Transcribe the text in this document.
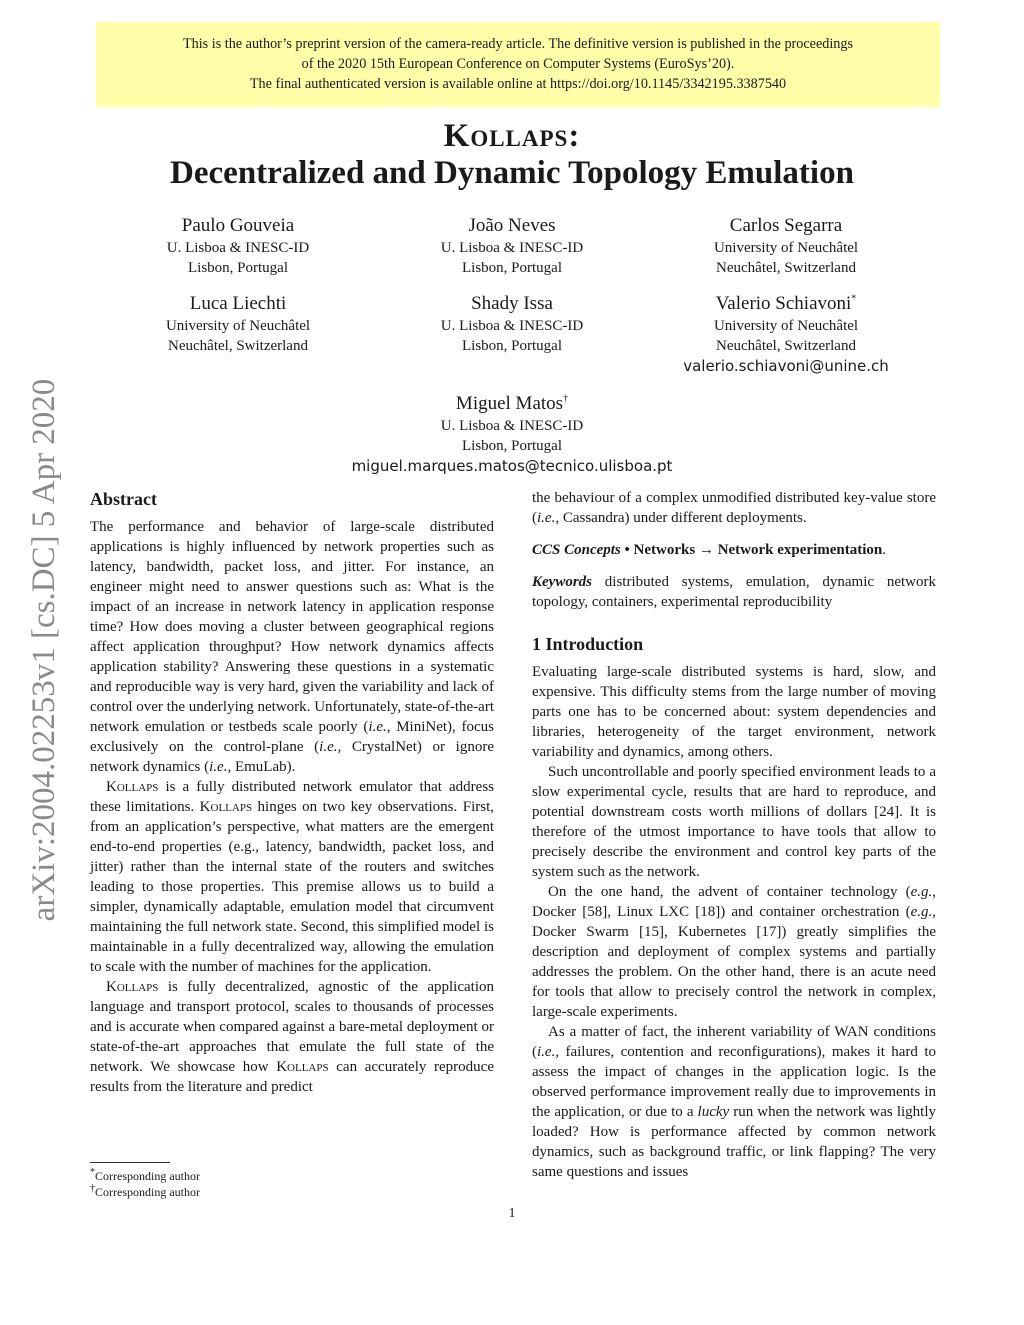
This is the author’s preprint version of the camera-ready article. The definitive version is published in the proceedings
of the 2020 15th European Conference on Computer Systems (EuroSys’20).
The final authenticated version is available online at https://doi.org/10.1145/3342195.3387540
Kollaps:
Decentralized and Dynamic Topology Emulation
arXiv:2004.02253v1 [cs.DC] 5 Apr 2020
Paulo Gouveia
U. Lisboa & INESC-ID
Lisbon, Portugal
João Neves
U. Lisboa & INESC-ID
Lisbon, Portugal
Carlos Segarra
University of Neuchâtel
Neuchâtel, Switzerland
Luca Liechti
University of Neuchâtel
Neuchâtel, Switzerland
Shady Issa
U. Lisboa & INESC-ID
Lisbon, Portugal
Valerio Schiavoni*
University of Neuchâtel
Neuchâtel, Switzerland
valerio.schiavoni@unine.ch
Miguel Matos†
U. Lisboa & INESC-ID
Lisbon, Portugal
miguel.marques.matos@tecnico.ulisboa.pt
Abstract

The performance and behavior of large-scale distributed applications is highly influenced by network properties such as latency, bandwidth, packet loss, and jitter. For instance, an engineer might need to answer questions such as: What is the impact of an increase in network latency in application response time? How does moving a cluster between geographical regions affect application throughput? How network dynamics affects application stability? Answering these questions in a systematic and reproducible way is very hard, given the variability and lack of control over the underlying network. Unfortunately, state-of-the-art network emulation or testbeds scale poorly (i.e., MiniNet), focus exclusively on the control-plane (i.e., CrystalNet) or ignore network dynamics (i.e., EmuLab).

Kollaps is a fully distributed network emulator that address these limitations. Kollaps hinges on two key observations. First, from an application’s perspective, what matters are the emergent end-to-end properties (e.g., latency, bandwidth, packet loss, and jitter) rather than the internal state of the routers and switches leading to those properties. This premise allows us to build a simpler, dynamically adaptable, emulation model that circumvent maintaining the full network state. Second, this simplified model is maintainable in a fully decentralized way, allowing the emulation to scale with the number of machines for the application.

Kollaps is fully decentralized, agnostic of the application language and transport protocol, scales to thousands of processes and is accurate when compared against a bare-metal deployment or state-of-the-art approaches that emulate the full state of the network. We showcase how Kollaps can accurately reproduce results from the literature and predict

the behaviour of a complex unmodified distributed key-value store (i.e., Cassandra) under different deployments.

CCS Concepts • Networks → Network experimentation.

Keywords distributed systems, emulation, dynamic network topology, containers, experimental reproducibility

1 Introduction

Evaluating large-scale distributed systems is hard, slow, and expensive. This difficulty stems from the large number of moving parts one has to be concerned about: system dependencies and libraries, heterogeneity of the target environment, network variability and dynamics, among others.

Such uncontrollable and poorly specified environment leads to a slow experimental cycle, results that are hard to reproduce, and potential downstream costs worth millions of dollars [24]. It is therefore of the utmost importance to have tools that allow to precisely describe the environment and control key parts of the system such as the network.

On the one hand, the advent of container technology (e.g., Docker [58], Linux LXC [18]) and container orchestration (e.g., Docker Swarm [15], Kubernetes [17]) greatly simplifies the description and deployment of complex systems and partially addresses the problem. On the other hand, there is an acute need for tools that allow to precisely control the network in complex, large-scale experiments.

As a matter of fact, the inherent variability of WAN conditions (i.e., failures, contention and reconfigurations), makes it hard to assess the impact of changes in the application logic. Is the observed performance improvement really due to improvements in the application, or due to a lucky run when the network was lightly loaded? How is performance affected by common network dynamics, such as background traffic, or link flapping? The very same questions and issues

*Corresponding author
†Corresponding author
1
